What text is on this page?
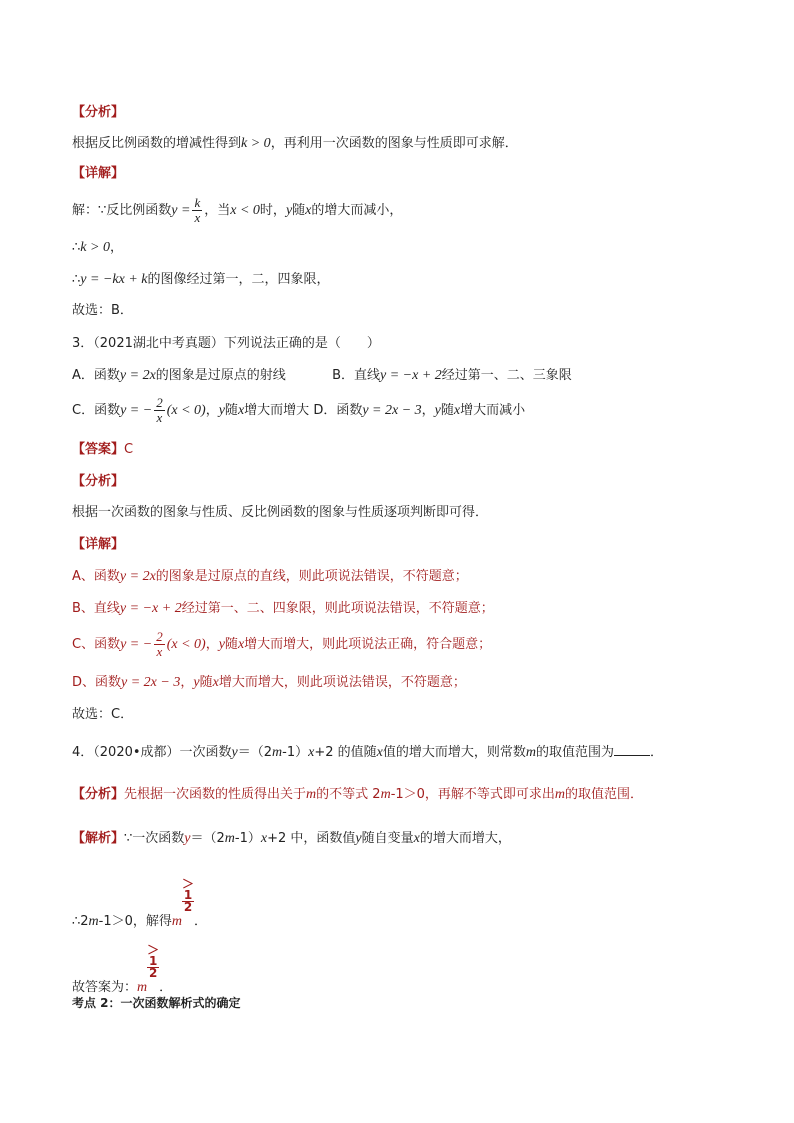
【分析】
根据反比例函数的增减性得到k > 0，再利用一次函数的图象与性质即可求解．
【详解】
解：∵反比例函数$y = \frac{k}{x}$ ，当x < 0时，y随x的增大而减小，
∴k > 0，
∴y = −kx + k的图像经过第一，二，四象限，
故选：B．
3．（2021湖北中考真题）下列说法正确的是（　　）
A．函数y = 2x的图象是过原点的射线	B．直线y = −x + 2经过第一、二、三象限
C．函数y = − $\frac{2}{x} (x < 0)$，y随x增大而增大 D．函数y = 2x − 3，y随x增大而减小
【答案】C
【分析】
根据一次函数的图象与性质、反比例函数的图象与性质逐项判断即可得．
【详解】
A、函数y = 2x的图象是过原点的直线，则此项说法错误，不符题意；
B、直线y = −x + 2经过第一、二、四象限，则此项说法错误，不符题意；
C、函数y = − $\frac{2}{x} (x < 0)$，y随x增大而增大，则此项说法正确，符合题意；
D、函数y = 2x − 3，y随x增大而增大，则此项说法错误，不符题意；
故选：C．
4．（2020•成都）一次函数y＝（2m-1）x+2 的值随x值的增大而增大，则常数m的取值范围为	．
【分析】先根据一次函数的性质得出关于m的不等式 2m-1＞0，再解不等式即可求出m的取值范围．
【解析】∵一次函数y＝（2m-1）x+2 中，函数值y随自变量x的增大而增大，
∴2m-1＞0，解得m＞
1
2．
故答案为：m＞
1
2．
考点 2：一次函数解析式的确定
